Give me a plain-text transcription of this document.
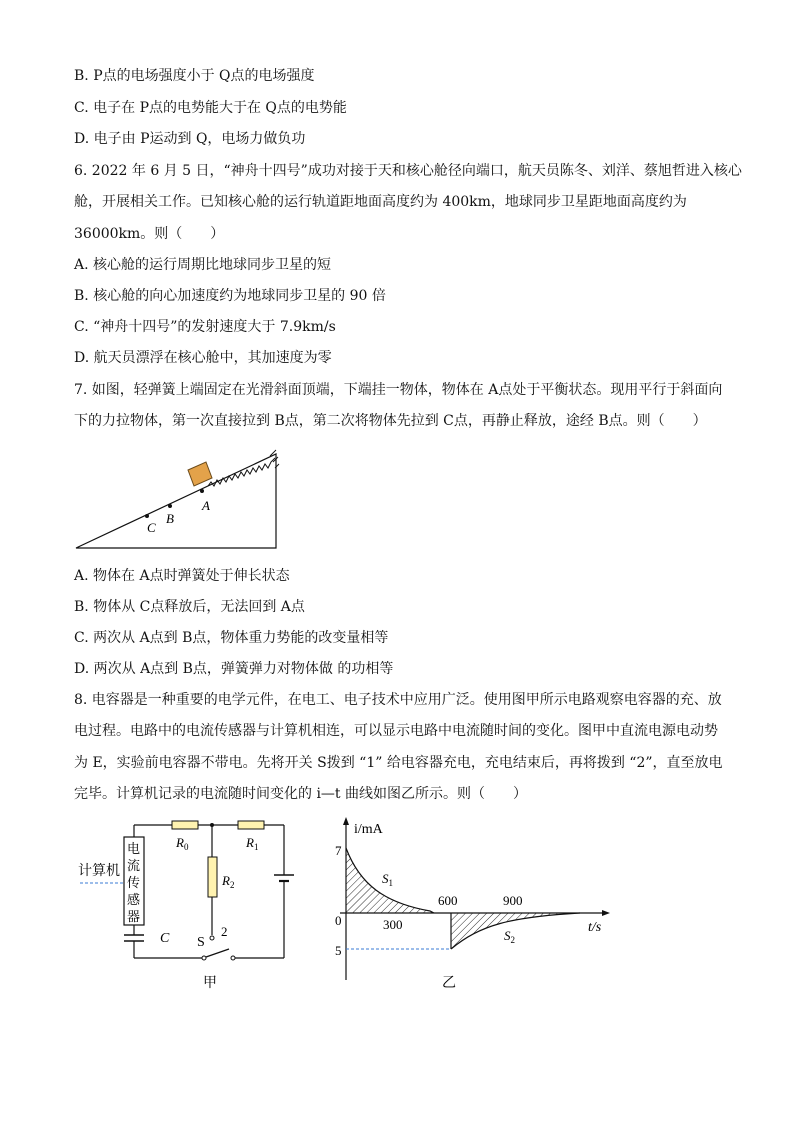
B. P点的电场强度小于 Q点的电场强度
C. 电子在 P点的电势能大于在 Q点的电势能
D. 电子由 P运动到 Q，电场力做负功
6. 2022 年 6 月 5 日，“神舟十四号”成功对接于天和核心舱径向端口，航天员陈冬、刘洋、蔡旭哲进入核心
舱，开展相关工作。已知核心舱的运行轨道距地面高度约为 400km，地球同步卫星距地面高度约为
36000km。则（　　）
A. 核心舱的运行周期比地球同步卫星的短
B. 核心舱的向心加速度约为地球同步卫星的 90 倍
C. “神舟十四号”的发射速度大于 7.9km/s
D. 航天员漂浮在核心舱中，其加速度为零
7. 如图，轻弹簧上端固定在光滑斜面顶端，下端挂一物体，物体在 A点处于平衡状态。现用平行于斜面向
下的力拉物体，第一次直接拉到 B点，第二次将物体先拉到 C点，再静止释放，途经 B点。则（　　）
A
B
C
A. 物体在 A点时弹簧处于伸长状态
B. 物体从 C点释放后，无法回到 A点
C. 两次从 A点到 B点，物体重力势能的改变量相等
D. 两次从 A点到 B点，弹簧弹力对物体做 的功相等
8. 电容器是一种重要的电学元件，在电工、电子技术中应用广泛。使用图甲所示电路观察电容器的充、放
电过程。电路中的电流传感器与计算机相连，可以显示电路中电流随时间的变化。图甲中直流电源电动势
为 E，实验前电容器不带电。先将开关 S拨到 “1” 给电容器充电，充电结束后，再将拨到 “2”，直至放电
完毕。计算机记录的电流随时间变化的 i—t 曲线如图乙所示。则（　　）
电
流
传
感
器
计算机
C S
2
$R_0$	$R_1$
$R_2$
甲
i/mA
t/s
0
7
5
$S_1$
300
$S_2$
600	900
乙
